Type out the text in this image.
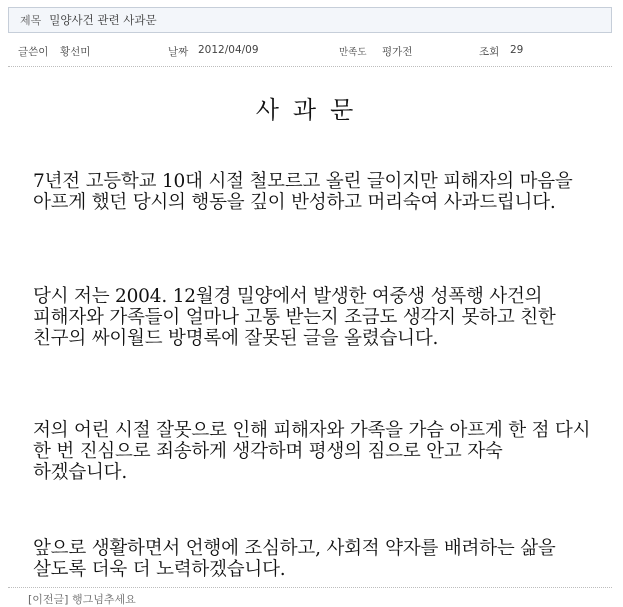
제목 밀양사건 관련 사과문
글쓴이 황선미	날짜 2012/04/09	만족도 평가전	조회 29
사과문
7년전 고등학교 10대 시절 철모르고 올린 글이지만 피해자의 마음을 아프게 했던 당시의 행동을 깊이 반성하고 머리숙여 사과드립니다.
당시 저는 2004. 12월경 밀양에서 발생한 여중생 성폭행 사건의 피해자와 가족들이 얼마나 고통 받는지 조금도 생각지 못하고 친한 친구의 싸이월드 방명록에 잘못된 글을 올렸습니다.
저의 어린 시절 잘못으로 인해 피해자와 가족을 가슴 아프게 한 점 다시 한 번 진심으로 죄송하게 생각하며 평생의 짐으로 안고 자숙 하겠습니다.
앞으로 생활하면서 언행에 조심하고, 사회적 약자를 배려하는 삶을 살도록 더욱 더 노력하겠습니다.
[이전글] 행그넘추세요
